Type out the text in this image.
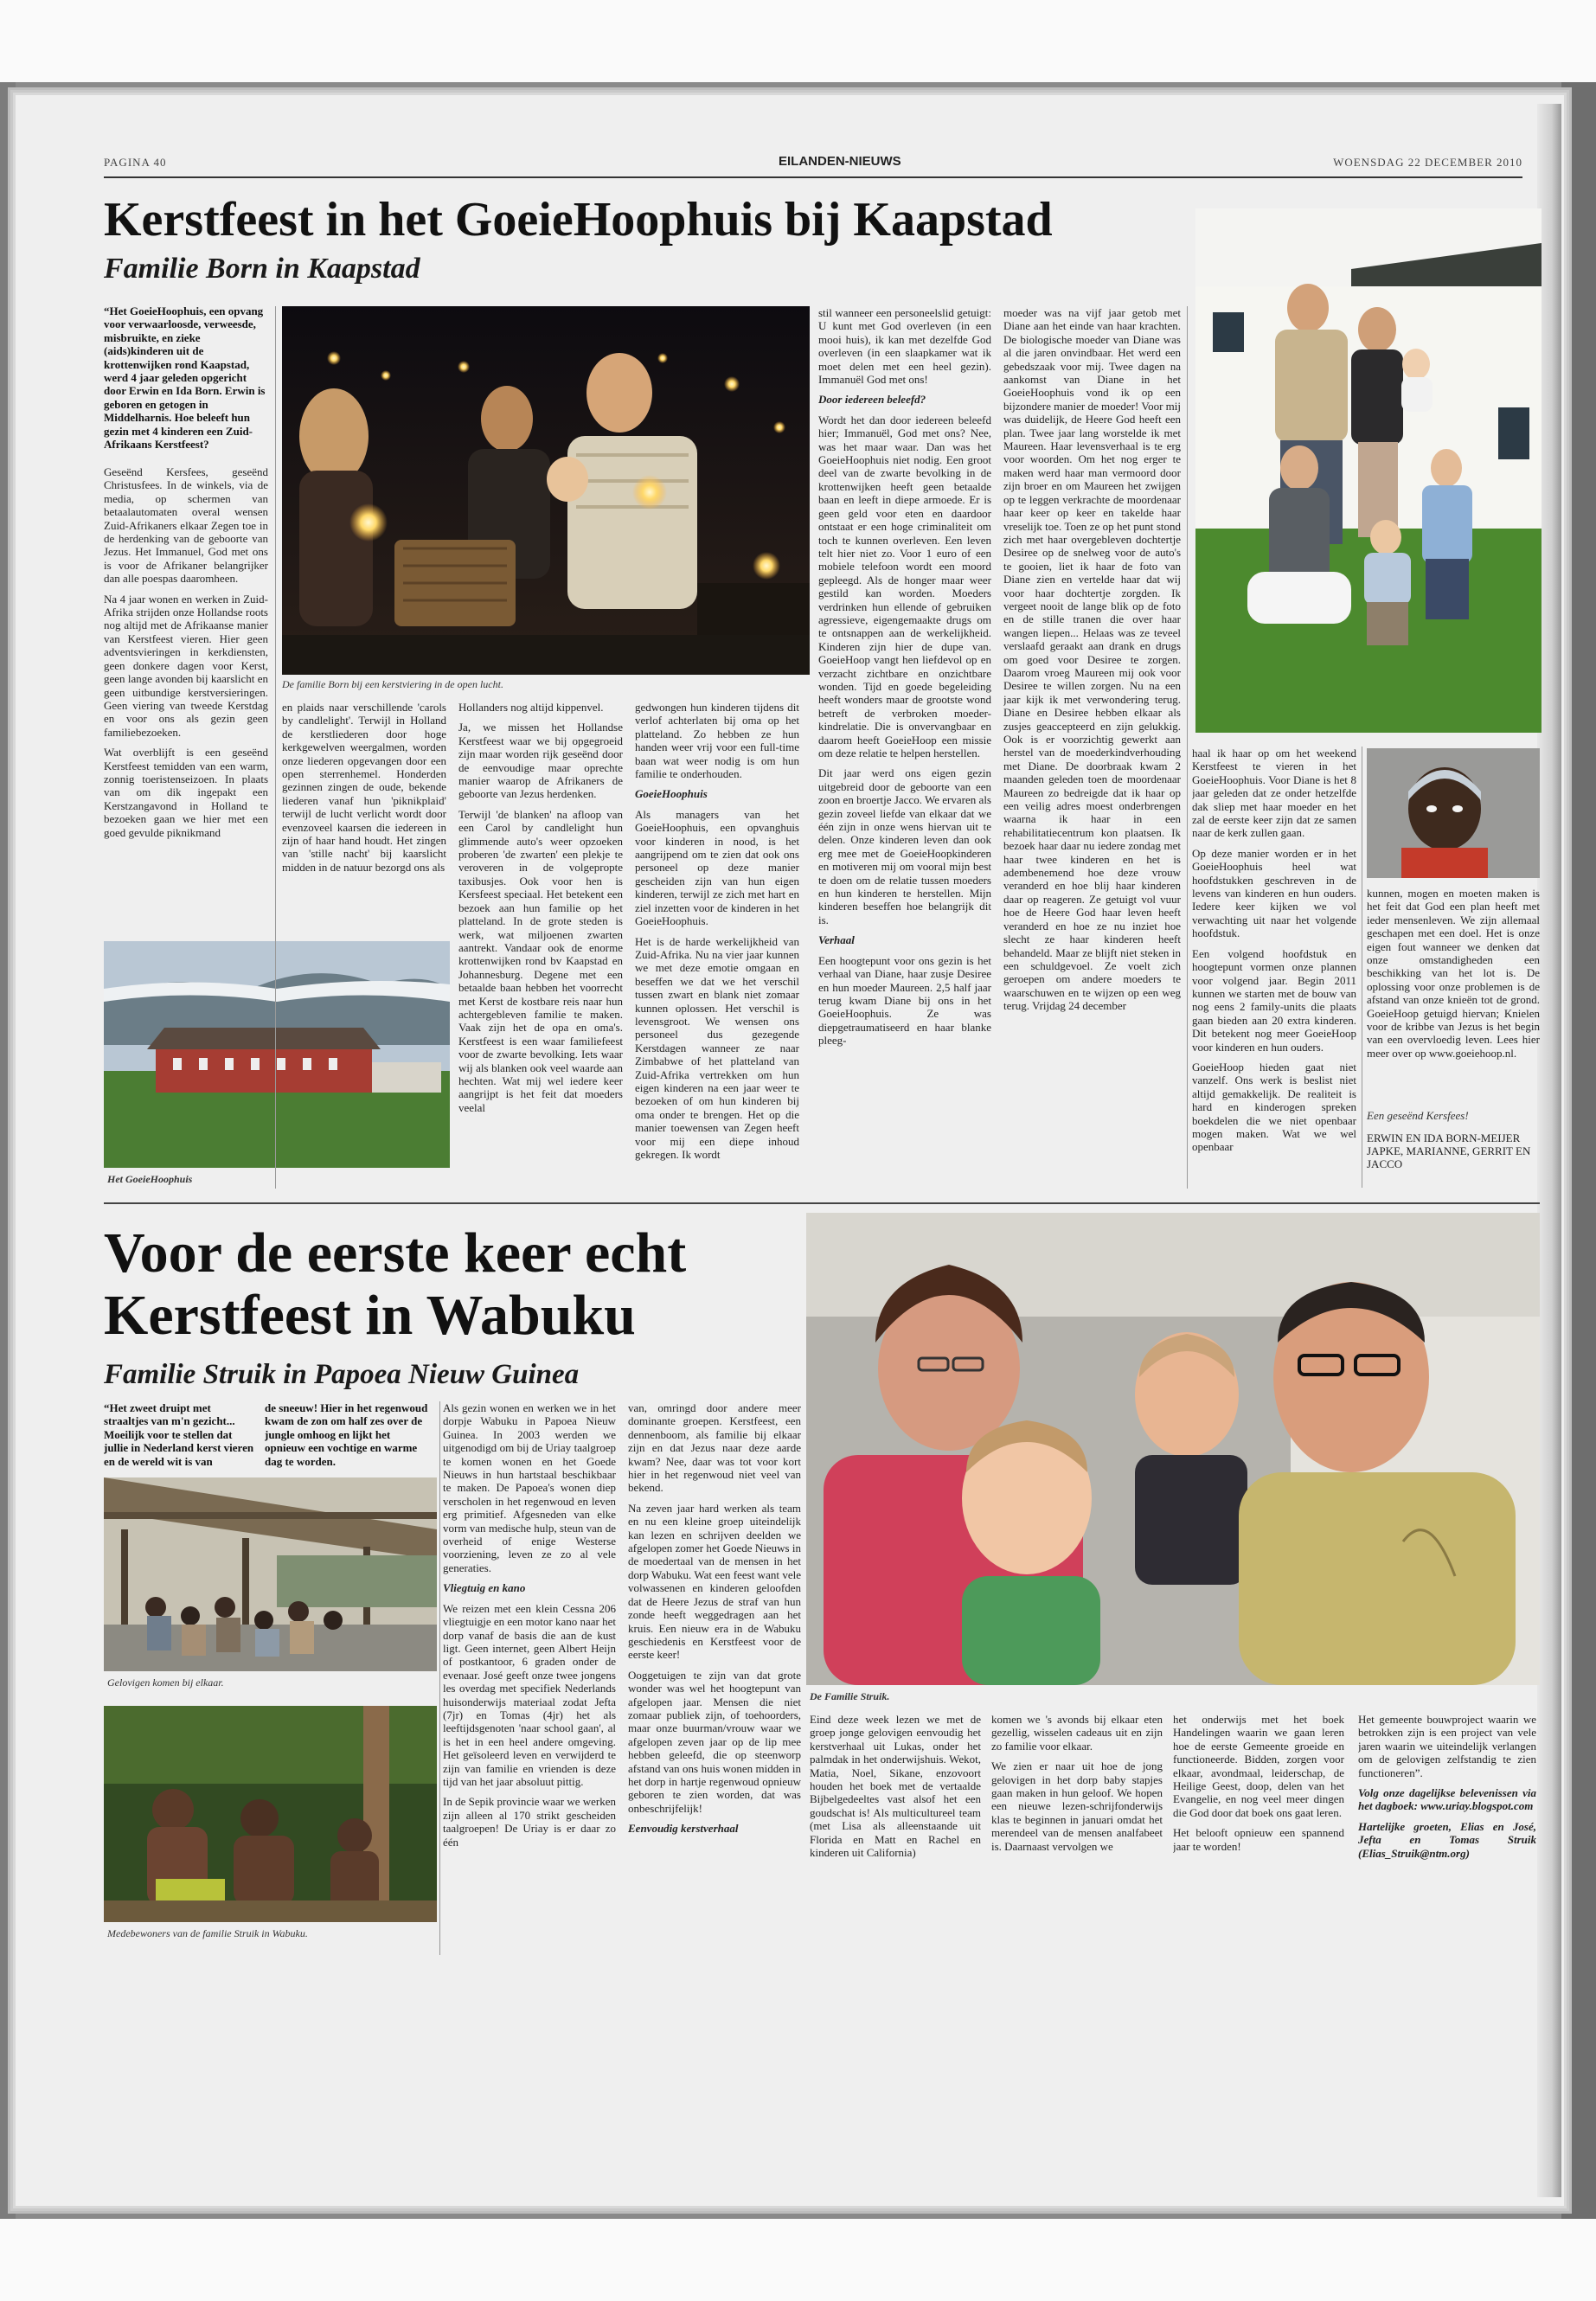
PAGINA 40	EILANDEN-NIEUWS	WOENSDAG 22 DECEMBER 2010
Kerstfeest in het GoeieHoophuis bij Kaapstad
Familie Born in Kaapstad
“Het GoeieHoophuis, een opvang voor verwaarloosde, verweesde, misbruikte, en zieke (aids)kinderen uit de krottenwijken rond Kaapstad, werd 4 jaar geleden opgericht door Erwin en Ida Born. Erwin is geboren en getogen in Middelharnis. Hoe beleeft hun gezin met 4 kinderen een Zuid-Afrikaans Kerstfeest?

Geseënd Kersfees, geseënd Christusfees. In de winkels, via de media, op schermen van betaalautomaten overal wensen Zuid-Afrikaners elkaar Zegen toe in de herdenking van de geboorte van Jezus. Het Immanuel, God met ons is voor de Afrikaner belangrijker dan alle poespas daaromheen.

Na 4 jaar wonen en werken in Zuid-Afrika strijden onze Hollandse roots nog altijd met de Afrikaanse manier van Kerstfeest vieren. Hier geen adventsvieringen in kerkdiensten, geen donkere dagen voor Kerst, geen lange avonden bij kaarslicht en geen uitbundige kerstversieringen. Geen viering van tweede Kerstdag en voor ons als gezin geen familiebezoeken.

Wat overblijft is een geseënd Kerstfeest temidden van een warm, zonnig toeristenseizoen. In plaats van om dik ingepakt een Kerstzangavond in Holland te bezoeken gaan we hier met een goed gevulde piknikmand

De familie Born bij een kerstviering in de open lucht.

en plaids naar verschillende 'carols by candlelight'. Terwijl in Holland de kerstliederen door hoge kerkgewelven weergalmen, worden onze liederen opgevangen door een open sterrenhemel. Honderden gezinnen zingen de oude, bekende liederen vanaf hun 'piknikplaid' terwijl de lucht verlicht wordt door evenzoveel kaarsen die iedereen in zijn of haar hand houdt. Het zingen van 'stille nacht' bij kaarslicht midden in de natuur bezorgd ons als

Het GoeieHoophuis

Hollanders nog altijd kippenvel.

Ja, we missen het Hollandse Kerstfeest waar we bij opgegroeid zijn maar worden rijk geseënd door de eenvoudige maar oprechte manier waarop de Afrikaners de geboorte van Jezus herdenken.

Terwijl 'de blanken' na afloop van een Carol by candlelight hun glimmende auto's weer opzoeken proberen 'de zwarten' een plekje te veroveren in de volgepropte taxibusjes. Ook voor hen is Kersfeest speciaal. Het betekent een bezoek aan hun familie op het platteland. In de grote steden is werk, wat miljoenen zwarten aantrekt. Vandaar ook de enorme krottenwijken rond bv Kaapstad en Johannesburg. Degene met een betaalde baan hebben het voorrecht met Kerst de kostbare reis naar hun achtergebleven familie te maken. Vaak zijn het de opa en oma's. Kerstfeest is een waar familiefeest voor de zwarte bevolking. Iets waar wij als blanken ook veel waarde aan hechten. Wat mij wel iedere keer aangrijpt is het feit dat moeders veelal

gedwongen hun kinderen tijdens dit verlof achterlaten bij oma op het platteland. Zo hebben ze hun handen weer vrij voor een full-time baan wat weer nodig is om hun familie te onderhouden.

GoeieHoophuis

Als managers van het GoeieHoophuis, een opvanghuis voor kinderen in nood, is het aangrijpend om te zien dat ook ons personeel op deze manier gescheiden zijn van hun eigen kinderen, terwijl ze zich met hart en ziel inzetten voor de kinderen in het GoeieHoophuis.

Het is de harde werkelijkheid van Zuid-Afrika. Nu na vier jaar kunnen we met deze emotie omgaan en beseffen we dat we het verschil tussen zwart en blank niet zomaar kunnen oplossen. Het verschil is levensgroot. We wensen ons personeel dus gezegende Kerstdagen wanneer ze naar Zimbabwe of het platteland van Zuid-Afrika vertrekken om hun eigen kinderen na een jaar weer te bezoeken of om hun kinderen bij oma onder te brengen. Het op die manier toewensen van Zegen heeft voor mij een diepe inhoud gekregen. Ik wordt

stil wanneer een personeelslid getuigt: U kunt met God overleven (in een mooi huis), ik kan met dezelfde God overleven (in een slaapkamer wat ik moet delen met een heel gezin). Immanuël God met ons!

Door iedereen beleefd?

Wordt het dan door iedereen beleefd hier; Immanuël, God met ons? Nee, was het maar waar. Dan was het GoeieHoophuis niet nodig. Een groot deel van de zwarte bevolking in de krottenwijken heeft geen betaalde baan en leeft in diepe armoede. Er is geen geld voor eten en daardoor ontstaat er een hoge criminaliteit om toch te kunnen overleven. Een leven telt hier niet zo. Voor 1 euro of een mobiele telefoon wordt een moord gepleegd. Als de honger maar weer gestild kan worden. Moeders verdrinken hun ellende of gebruiken agressieve, eigengemaakte drugs om te ontsnappen aan de werkelijkheid. Kinderen zijn hier de dupe van. GoeieHoop vangt hen liefdevol op en verzacht zichtbare en onzichtbare wonden. Tijd en goede begeleiding heeft wonders maar de grootste wond betreft de verbroken moeder-kindrelatie. Die is onvervangbaar en daarom heeft GoeieHoop een missie om deze relatie te helpen herstellen.

Dit jaar werd ons eigen gezin uitgebreid door de geboorte van een zoon en broertje Jacco. We ervaren als gezin zoveel liefde van elkaar dat we één zijn in onze wens hiervan uit te delen. Onze kinderen leven dan ook erg mee met de GoeieHoopkinderen en motiveren mij om vooral mijn best te doen om de relatie tussen moeders en hun kinderen te herstellen. Mijn kinderen beseffen hoe belangrijk dit is.

Verhaal

Een hoogtepunt voor ons gezin is het verhaal van Diane, haar zusje Desiree en hun moeder Maureen. 2,5 half jaar terug kwam Diane bij ons in het GoeieHoophuis. Ze was diepgetraumatiseerd en haar blanke pleeg-

moeder was na vijf jaar getob met Diane aan het einde van haar krachten. De biologische moeder van Diane was al die jaren onvindbaar. Het werd een gebedszaak voor mij. Twee dagen na aankomst van Diane in het GoeieHoophuis vond ik op een bijzondere manier de moeder! Voor mij was duidelijk, de Heere God heeft een plan. Twee jaar lang worstelde ik met Maureen. Haar levensverhaal is te erg voor woorden. Om het nog erger te maken werd haar man vermoord door zijn broer en om Maureen het zwijgen op te leggen verkrachte de moordenaar haar keer op keer en takelde haar vreselijk toe. Toen ze op het punt stond zich met haar overgebleven dochtertje Desiree op de snelweg voor de auto's te gooien, liet ik haar de foto van Diane zien en vertelde haar dat wij voor haar dochtertje zorgden. Ik vergeet nooit de lange blik op de foto en de stille tranen die over haar wangen liepen... Helaas was ze teveel verslaafd geraakt aan drank en drugs om goed voor Desiree te zorgen. Daarom vroeg Maureen mij ook voor Desiree te willen zorgen. Nu na een jaar kijk ik met verwondering terug. Diane en Desiree hebben elkaar als zusjes geaccepteerd en zijn gelukkig. Ook is er voorzichtig gewerkt aan herstel van de moederkindverhouding met Diane. De doorbraak kwam 2 maanden geleden toen de moordenaar Maureen zo bedreigde dat ik haar op een veilig adres moest onderbrengen waarna ik haar in een rehabilitatiecentrum kon plaatsen. Ik bezoek haar daar nu iedere zondag met haar twee kinderen en het is adembenemend hoe deze vrouw veranderd en hoe blij haar kinderen daar op reageren. Ze getuigt vol vuur hoe de Heere God haar leven heeft veranderd en hoe ze nu inziet hoe slecht ze haar kinderen heeft behandeld. Maar ze blijft niet steken in een schuldgevoel. Ze voelt zich geroepen om andere moeders te waarschuwen en te wijzen op een weg terug. Vrijdag 24 december

haal ik haar op om het weekend Kerstfeest te vieren in het GoeieHoophuis. Voor Diane is het 8 jaar geleden dat ze onder hetzelfde dak sliep met haar moeder en het zal de eerste keer zijn dat ze samen naar de kerk zullen gaan.

Op deze manier worden er in het GoeieHoophuis heel wat hoofdstukken geschreven in de levens van kinderen en hun ouders. Iedere keer kijken we vol verwachting uit naar het volgende hoofdstuk.

Een volgend hoofdstuk en hoogtepunt vormen onze plannen voor volgend jaar. Begin 2011 kunnen we starten met de bouw van nog eens 2 family-units die plaats gaan bieden aan 20 extra kinderen. Dit betekent nog meer GoeieHoop voor kinderen en hun ouders.

GoeieHoop hieden gaat niet vanzelf. Ons werk is beslist niet altijd gemakkelijk. De realiteit is hard en kinderogen spreken boekdelen die we niet openbaar mogen maken. Wat we wel openbaar

kunnen, mogen en moeten maken is het feit dat God een plan heeft met ieder mensenleven. We zijn allemaal geschapen met een doel. Het is onze eigen fout wanneer we denken dat onze omstandigheden een beschikking van het lot is. De oplossing voor onze problemen is de afstand van onze knieën tot de grond. GoeieHoop getuigd hiervan; Knielen voor de kribbe van Jezus is het begin van een overvloedig leven. Lees hier meer over op www.goeiehoop.nl.

Een geseënd Kersfees!
ERWIN EN IDA BORN-MEIJER
JAPKE, MARIANNE, GERRIT EN JACCO
Voor de eerste keer echt
Kerstfeest in Wabuku
Familie Struik in Papoea Nieuw Guinea
“Het zweet druipt met straaltjes van m'n gezicht... Moeilijk voor te stellen dat jullie in Nederland kerst vieren en de wereld wit is van
de sneeuw! Hier in het regenwoud kwam de zon om half zes over de jungle omhoog en lijkt het opnieuw een vochtige en warme dag te worden.
Gelovigen komen bij elkaar.
Medebewoners van de familie Struik in Wabuku.

Als gezin wonen en werken we in het dorpje Wabuku in Papoea Nieuw Guinea. In 2003 werden we uitgenodigd om bij de Uriay taalgroep te komen wonen en het Goede Nieuws in hun hartstaal beschikbaar te maken. De Papoea's wonen diep verscholen in het regenwoud en leven erg primitief. Afgesneden van elke vorm van medische hulp, steun van de overheid of enige Westerse voorziening, leven ze zo al vele generaties.

Vliegtuig en kano

We reizen met een klein Cessna 206 vliegtuigje en een motor kano naar het dorp vanaf de basis die aan de kust ligt. Geen internet, geen Albert Heijn of postkantoor, 6 graden onder de evenaar. José geeft onze twee jongens les overdag met specifiek Nederlands huisonderwijs materiaal zodat Jefta (7jr) en Tomas (4jr) het als leeftijdsgenoten 'naar school gaan', al is het in een heel andere omgeving. Het geïsoleerd leven en verwijderd te zijn van familie en vrienden is deze tijd van het jaar absoluut pittig.

In de Sepik provincie waar we werken zijn alleen al 170 strikt gescheiden taalgroepen! De Uriay is er daar zo één

van, omringd door andere meer dominante groepen. Kerstfeest, een dennenboom, als familie bij elkaar zijn en dat Jezus naar deze aarde kwam? Nee, daar was tot voor kort hier in het regenwoud niet veel van bekend.

Na zeven jaar hard werken als team en nu een kleine groep uiteindelijk kan lezen en schrijven deelden we afgelopen zomer het Goede Nieuws in de moedertaal van de mensen in het dorp Wabuku. Wat een feest want vele volwassenen en kinderen geloofden dat de Heere Jezus de straf van hun zonde heeft weggedragen aan het kruis. Een nieuw era in de Wabuku geschiedenis en Kerstfeest voor de eerste keer!

Ooggetuigen te zijn van dat grote wonder was wel het hoogtepunt van afgelopen jaar. Mensen die niet zomaar publiek zijn, of toehoorders, maar onze buurman/vrouw waar we afgelopen zeven jaar op de lip mee hebben geleefd, die op steenworp afstand van ons huis wonen midden in het dorp in hartje regenwoud opnieuw geboren te zien worden, dat was onbeschrijfelijk!

Eenvoudig kerstverhaal

De Familie Struik.

Eind deze week lezen we met de groep jonge gelovigen eenvoudig het kerstverhaal uit Lukas, onder het palmdak in het onderwijshuis. Wekot, Matia, Noel, Sikane, enzovoort houden het boek met de vertaalde Bijbelgedeeltes vast alsof het een goudschat is! Als multicultureel team (met Lisa als alleenstaande uit Florida en Matt en Rachel en kinderen uit California)

komen we 's avonds bij elkaar eten gezellig, wisselen cadeaus uit en zijn zo familie voor elkaar.

We zien er naar uit hoe de jong gelovigen in het dorp baby stapjes gaan maken in hun geloof. We hopen een nieuwe lezen-schrijfonderwijs klas te beginnen in januari omdat het merendeel van de mensen analfabeet is. Daarnaast vervolgen we

het onderwijs met het boek Handelingen waarin we gaan leren hoe de eerste Gemeente groeide en functioneerde. Bidden, zorgen voor elkaar, avondmaal, leiderschap, de Heilige Geest, doop, delen van het Evangelie, en nog veel meer dingen die God door dat boek ons gaat leren.

Het belooft opnieuw een spannend jaar te worden!

Het gemeente bouwproject waarin we betrokken zijn is een project van vele jaren waarin we uiteindelijk verlangen om de gelovigen zelfstandig te zien functioneren”.

Volg onze dagelijkse belevenissen via het dagboek: www.uriay.blogspot.com

Hartelijke groeten, Elias en José, Jefta en Tomas Struik (Elias_Struik@ntm.org)
